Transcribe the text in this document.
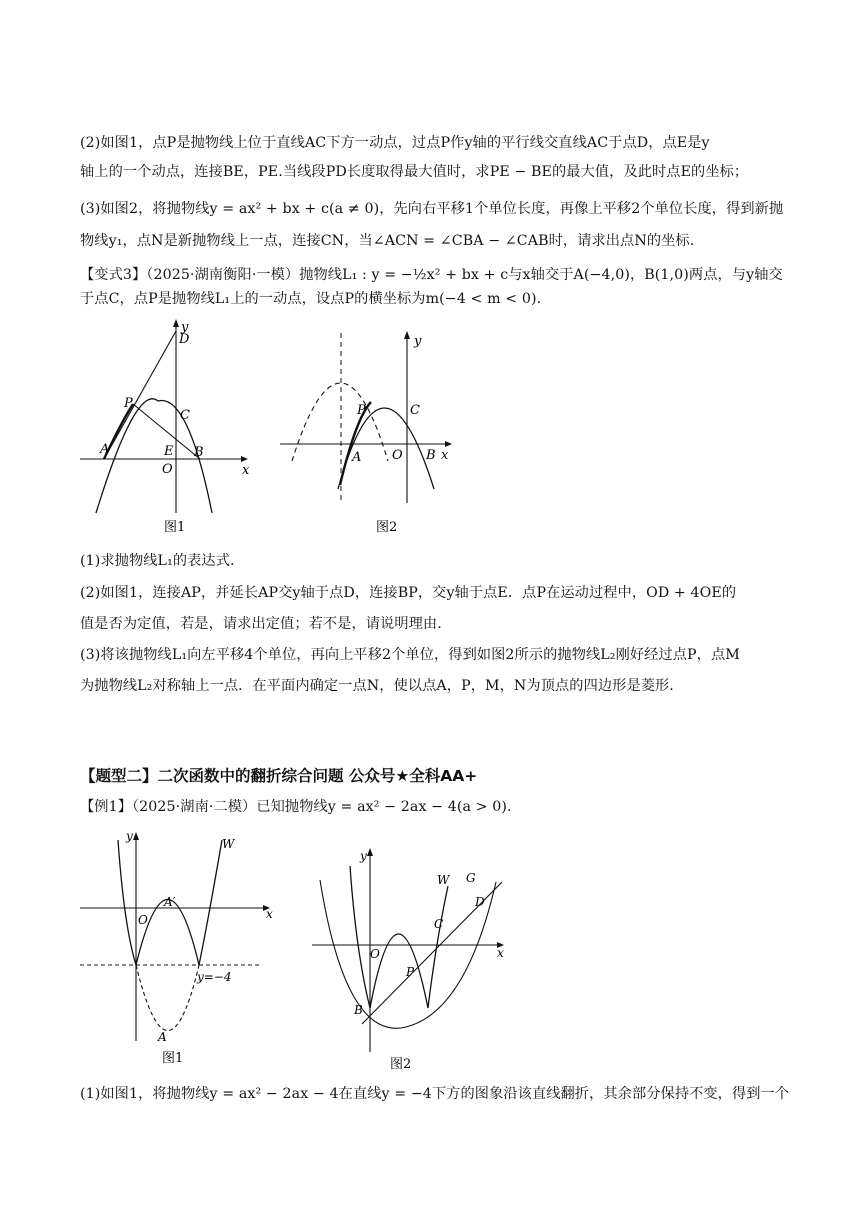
(2)如图1，点P是抛物线上位于直线AC下方一动点，过点P作y轴的平行线交直线AC于点D，点E是y
轴上的一个动点，连接BE，PE.当线段PD长度取得最大值时，求PE − BE的最大值，及此时点E的坐标；
(3)如图2，将抛物线y = ax² + bx + c(a ≠ 0)，先向右平移1个单位长度，再像上平移2个单位长度，得到新抛
物线y₁，点N是新抛物线上一点，连接CN，当∠ACN = ∠CBA − ∠CAB时，请求出点N的坐标.
【变式3】（2025·湖南衡阳·一模）抛物线L₁ : y = −½x² + bx + c与x轴交于A(−4,0)，B(1,0)两点，与y轴交
于点C，点P是抛物线L₁上的一动点，设点P的横坐标为m(−4 < m < 0).
y
x
D
P
C
A	E B
O
图1
y
x
P	C
A O B
图2
(1)求抛物线L₁的表达式.
(2)如图1，连接AP，并延长AP交y轴于点D，连接BP，交y轴于点E．点P在运动过程中，OD + 4OE的
值是否为定值，若是，请求出定值；若不是，请说明理由.
(3)将该抛物线L₁向左平移4个单位，再向上平移2个单位，得到如图2所示的抛物线L₂刚好经过点P，点M
为抛物线L₂对称轴上一点．在平面内确定一点N，使以点A，P，M，N为顶点的四边形是菱形.
【题型二】二次函数中的翻折综合问题 公众号★全科AA+
【例1】（2025·湖南·二模）已知抛物线y = ax² − 2ax − 4(a > 0).
y
x
W
O
A′
y=−4
A
图1
y
x
W G
D
C
O
P
B
图2
(1)如图1，将抛物线y = ax² − 2ax − 4在直线y = −4下方的图象沿该直线翻折，其余部分保持不变，得到一个
